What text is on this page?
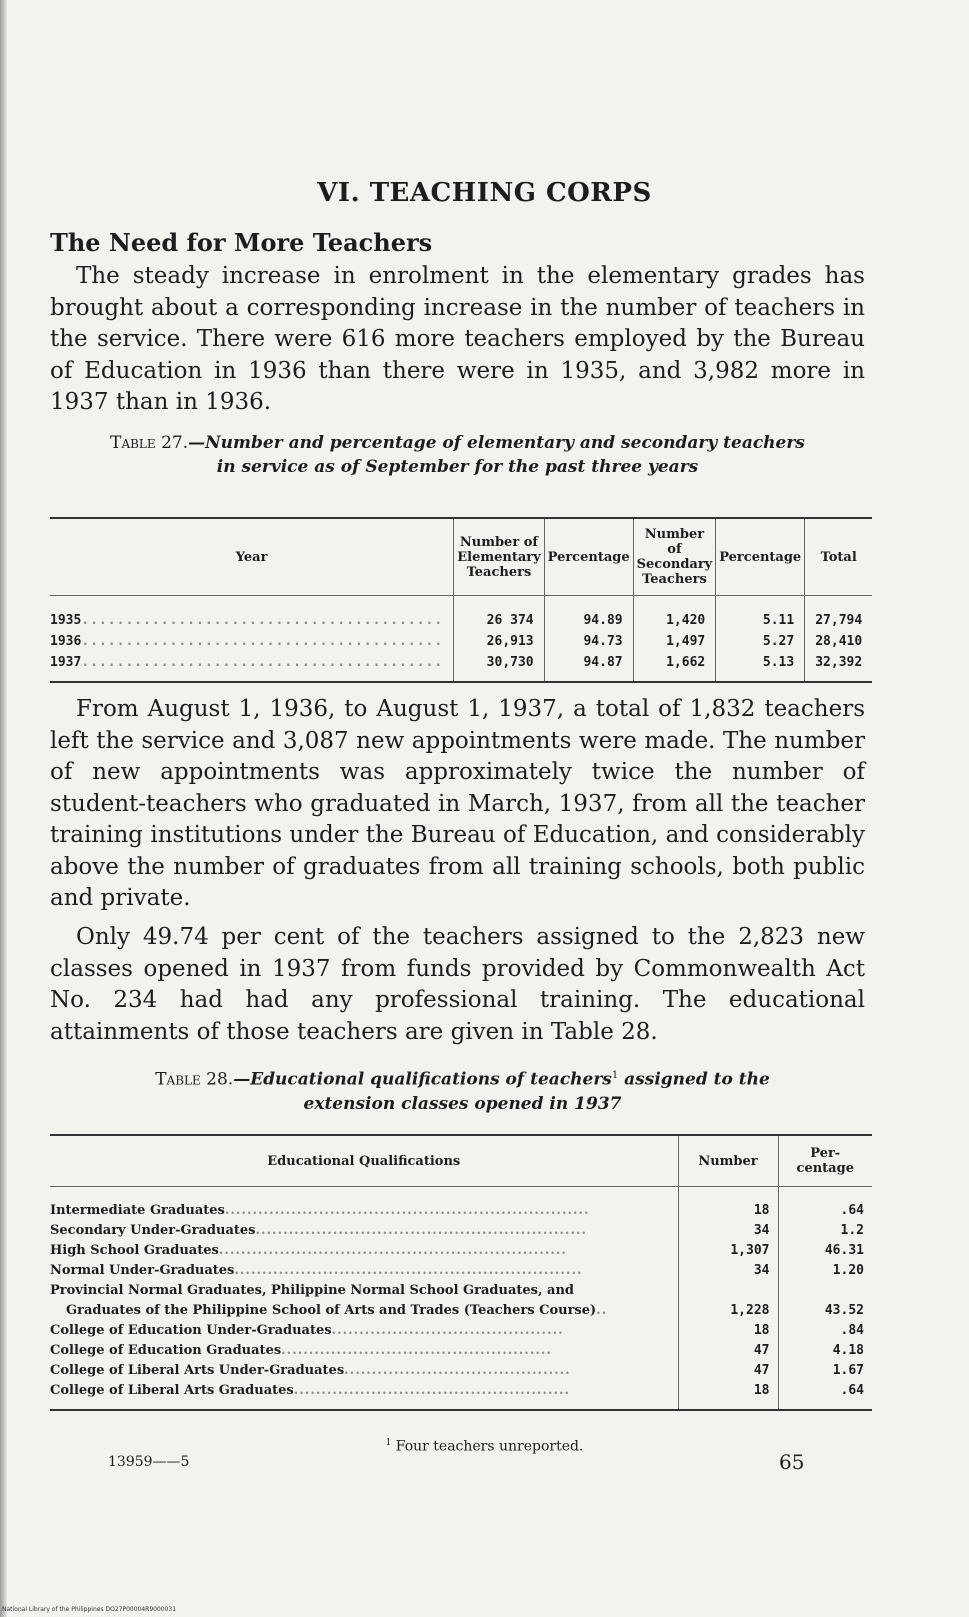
VI. TEACHING CORPS
The Need for More Teachers

The steady increase in enrolment in the elementary grades has brought about a corresponding increase in the number of teachers in the service. There were 616 more teachers employed by the Bureau of Education in 1936 than there were in 1935, and 3,982 more in 1937 than in 1936.

Table 27.—Number and percentage of elementary and secondary teachers
in service as of September for the past three years

Year	Number of Elementary Teachers	Percentage	Number of Secondary Teachers	Percentage	Total
1935.........................................	26 374	94.89	1,420	5.11	27,794
1936.........................................	26,913	94.73	1,497	5.27	28,410
1937.........................................	30,730	94.87	1,662	5.13	32,392

From August 1, 1936, to August 1, 1937, a total of 1,832 teachers left the service and 3,087 new appointments were made. The number of new appointments was approximately twice the number of student-teachers who graduated in March, 1937, from all the teacher training institutions under the Bureau of Education, and considerably above the number of graduates from all training schools, both public and private.

Only 49.74 per cent of the teachers assigned to the 2,823 new classes opened in 1937 from funds provided by Commonwealth Act No. 234 had had any professional training. The educational attainments of those teachers are given in Table 28.

Table 28.—Educational qualifications of teachers$^1$ assigned to the
extension classes opened in 1937

Educational Qualifications	Number	Per-centage
Intermediate Graduates..................................................................	18	.64
Secondary Under-Graduates............................................................	34	1.2
High School Graduates...............................................................	1,307	46.31
Normal Under-Graduates...............................................................	34	1.20
Provincial Normal Graduates, Philippine Normal School Graduates, and
Graduates of the Philippine School of Arts and Trades (Teachers Course)..	1,228	43.52
College of Education Under-Graduates..........................................	18	.84
College of Education Graduates.................................................	47	4.18
College of Liberal Arts Under-Graduates.........................................	47	1.67
College of Liberal Arts Graduates..................................................	18	.64

$^1$ Four teachers unreported.

13959——5	65

National Library of the Philippines DO27P00004R9000031
